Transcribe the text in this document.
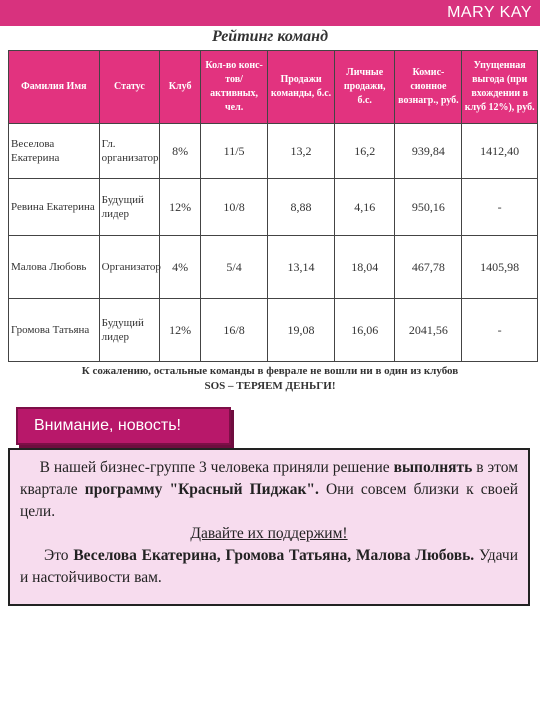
MARY KAY
Рейтинг команд
Фамилия Имя	Статус	Клуб	Кол-во конс-тов/ активных, чел.	Продажи команды, б.с.	Личные продажи, б.с.	Комис-сионное вознагр., руб.	Упущенная выгода (при вхождении в клуб 12%), руб.
Веселова Екатерина	Гл. организатор	8%	11/5	13,2	16,2	939,84	1412,40
Ревина Екатерина	Будущий лидер	12%	10/8	8,88	4,16	950,16	-
Малова Любовь	Организатор	4%	5/4	13,14	18,04	467,78	1405,98
Громова Татьяна	Будущий лидер	12%	16/8	19,08	16,06	2041,56	-
К сожалению, остальные команды в феврале не вошли ни в один из клубов
SOS – ТЕРЯЕМ ДЕНЬГИ!
Внимание, новость!

В нашей бизнес-группе 3 человека приняли решение выполнять в этом квартале программу "Красный Пиджак". Они совсем близки к своей цели.

Давайте их поддержим!

Это Веселова Екатерина, Громова Татьяна, Малова Любовь. Удачи и настойчивости вам.
